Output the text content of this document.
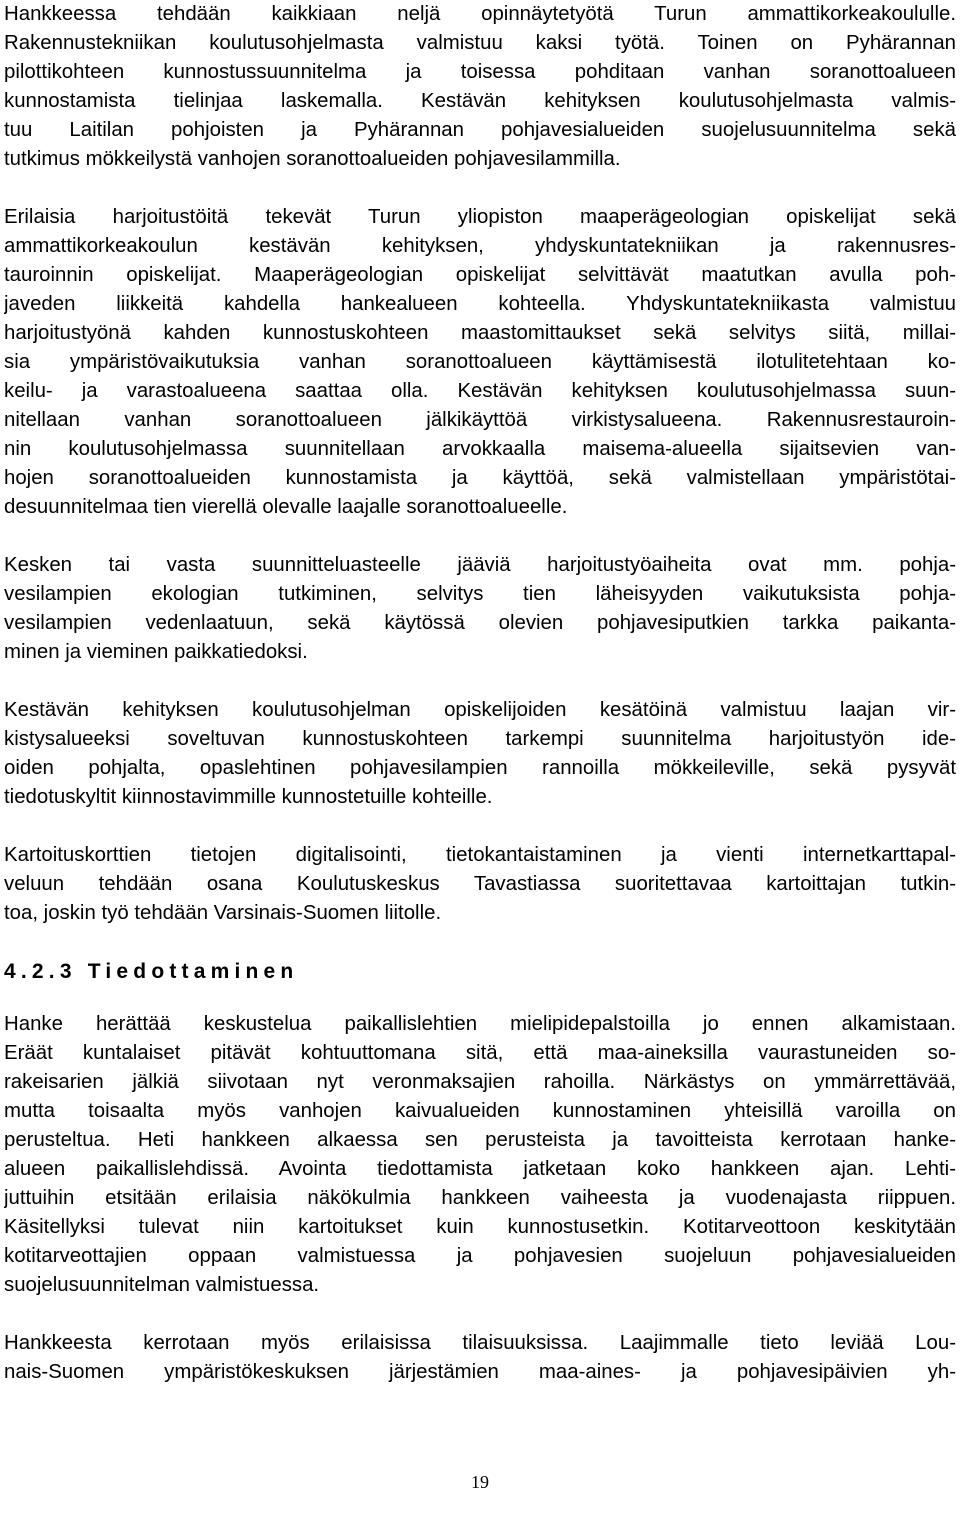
Hankkeessa tehdään kaikkiaan neljä opinnäytetyötä Turun ammattikorkeakoululle.
Rakennustekniikan koulutusohjelmasta valmistuu kaksi työtä. Toinen on Pyhärannan
pilottikohteen kunnostussuunnitelma ja toisessa pohditaan vanhan soranottoalueen
kunnostamista tielinjaa laskemalla. Kestävän kehityksen koulutusohjelmasta valmis-
tuu Laitilan pohjoisten ja Pyhärannan pohjavesialueiden suojelusuunnitelma sekä
tutkimus mökkeilystä vanhojen soranottoalueiden pohjavesilammilla.
Erilaisia harjoitustöitä tekevät Turun yliopiston maaperägeologian opiskelijat sekä
ammattikorkeakoulun kestävän kehityksen, yhdyskuntatekniikan ja rakennusres-
tauroinnin opiskelijat. Maaperägeologian opiskelijat selvittävät maatutkan avulla poh-
javeden liikkeitä kahdella hankealueen kohteella. Yhdyskuntatekniikasta valmistuu
harjoitustyönä kahden kunnostuskohteen maastomittaukset sekä selvitys siitä, millai-
sia ympäristövaikutuksia vanhan soranottoalueen käyttämisestä ilotulitetehtaan ko-
keilu- ja varastoalueena saattaa olla. Kestävän kehityksen koulutusohjelmassa suun-
nitellaan vanhan soranottoalueen jälkikäyttöä virkistysalueena. Rakennusrestauroin-
nin koulutusohjelmassa suunnitellaan arvokkaalla maisema-alueella sijaitsevien van-
hojen soranottoalueiden kunnostamista ja käyttöä, sekä valmistellaan ympäristötai-
desuunnitelmaa tien vierellä olevalle laajalle soranottoalueelle.
Kesken tai vasta suunnitteluasteelle jääviä harjoitustyöaiheita ovat mm. pohja-
vesilampien ekologian tutkiminen, selvitys tien läheisyyden vaikutuksista pohja-
vesilampien vedenlaatuun, sekä käytössä olevien pohjavesiputkien tarkka paikanta-
minen ja vieminen paikkatiedoksi.
Kestävän kehityksen koulutusohjelman opiskelijoiden kesätöinä valmistuu laajan vir-
kistysalueeksi soveltuvan kunnostuskohteen tarkempi suunnitelma harjoitustyön ide-
oiden pohjalta, opaslehtinen pohjavesilampien rannoilla mökkeileville, sekä pysyvät
tiedotuskyltit kiinnostavimmille kunnostetuille kohteille.
Kartoituskorttien tietojen digitalisointi, tietokantaistaminen ja vienti internetkarttapal-
veluun tehdään osana Koulutuskeskus Tavastiassa suoritettavaa kartoittajan tutkin-
toa, joskin työ tehdään Varsinais-Suomen liitolle.
4.2.3 Tiedottaminen
Hanke herättää keskustelua paikallislehtien mielipidepalstoilla jo ennen alkamistaan.
Eräät kuntalaiset pitävät kohtuuttomana sitä, että maa-aineksilla vaurastuneiden so-
rakeisarien jälkiä siivotaan nyt veronmaksajien rahoilla. Närkästys on ymmärrettävää,
mutta toisaalta myös vanhojen kaivualueiden kunnostaminen yhteisillä varoilla on
perusteltua. Heti hankkeen alkaessa sen perusteista ja tavoitteista kerrotaan hanke-
alueen paikallislehdissä. Avointa tiedottamista jatketaan koko hankkeen ajan. Lehti-
juttuihin etsitään erilaisia näkökulmia hankkeen vaiheesta ja vuodenajasta riippuen.
Käsitellyksi tulevat niin kartoitukset kuin kunnostusetkin. Kotitarveottoon keskitytään
kotitarveottajien oppaan valmistuessa ja pohjavesien suojeluun pohjavesialueiden
suojelusuunnitelman valmistuessa.
Hankkeesta kerrotaan myös erilaisissa tilaisuuksissa. Laajimmalle tieto leviää Lou-
nais-Suomen ympäristökeskuksen järjestämien maa-aines- ja pohjavesipäivien yh-
19
